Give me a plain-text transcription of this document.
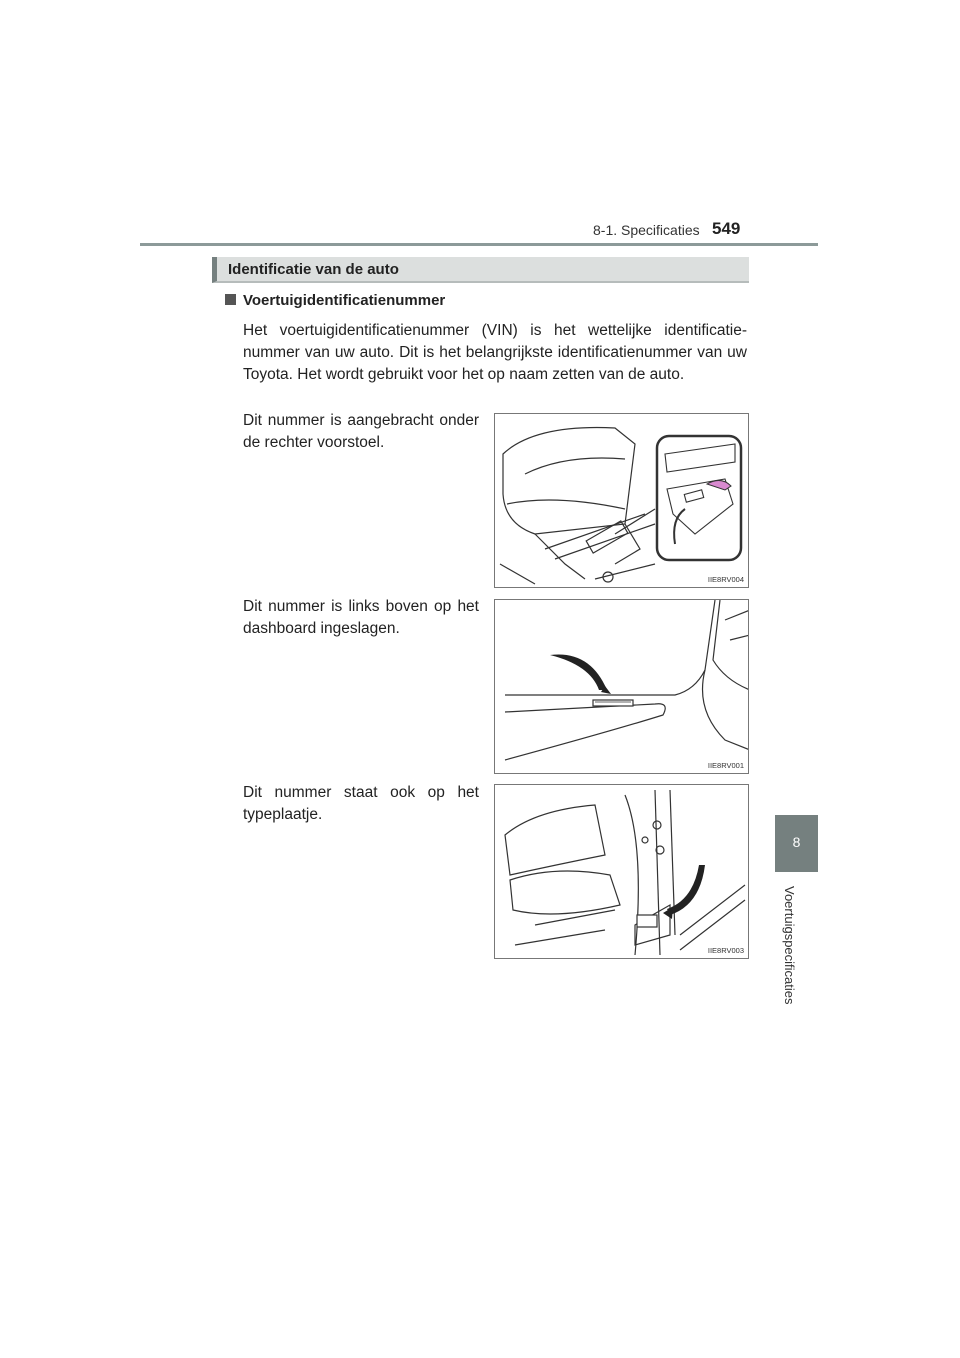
8-1. Specificaties 549
8
Voertuigspecificaties
Identificatie van de auto
Voertuigidentificatienummer
Het voertuigidentificatienummer (VIN) is het wettelijke identificatie-nummer van uw auto. Dit is het belangrijkste identificatienummer van uw Toyota. Het wordt gebruikt voor het op naam zetten van de auto.
Dit nummer is aangebracht onder de rechter voorstoel.
IIE8RV004
Dit nummer is links boven op het dashboard ingeslagen.
IIE8RV001
Dit nummer staat ook op het typeplaatje.
IIE8RV003
